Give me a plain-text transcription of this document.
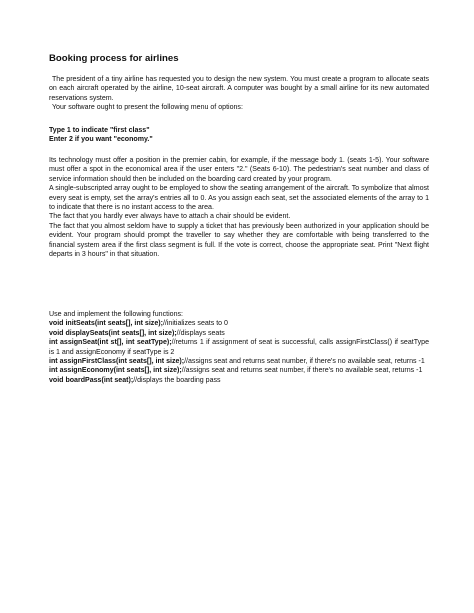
Booking process for airlines

The president of a tiny airline has requested you to design the new system. You must create a program to allocate seats on each aircraft operated by the airline, 10-seat aircraft. A computer was bought by a small airline for its new automated reservations system.

Your software ought to present the following menu of options:

Type 1 to indicate "first class"

Enter 2 if you want "economy."

Its technology must offer a position in the premier cabin, for example, if the message body 1. (seats 1-5). Your software must offer a spot in the economical area if the user enters "2." (Seats 6-10). The pedestrian's seat number and class of service information should then be included on the boarding card created by your program.

A single-subscripted array ought to be employed to show the seating arrangement of the aircraft. To symbolize that almost every seat is empty, set the array's entries all to 0. As you assign each seat, set the associated elements of the array to 1 to indicate that there is no instant access to the area.

The fact that you hardly ever always have to attach a chair should be evident.

The fact that you almost seldom have to supply a ticket that has previously been authorized in your application should be evident. Your program should prompt the traveller to say whether they are comfortable with being transferred to the financial system area if the first class segment is full. If the vote is correct, choose the appropriate seat. Print "Next flight departs in 3 hours" in that situation.

Use and implement the following functions:

void initSeats(int seats[], int size);//initializes seats to 0

void displaySeats(int seats[], int size);//displays seats

int assignSeat(int st[], int seatType);//returns 1 if assignment of seat is successful, calls assignFirstClass() if seatType is 1 and assignEconomy if seatType is 2

int assignFirstClass(int seats[], int size);//assigns seat and returns seat number, if there's no available seat, returns -1

int assignEconomy(int seats[], int size);//assigns seat and returns seat number, if there's no available seat, returns -1

void boardPass(int seat);//displays the boarding pass
